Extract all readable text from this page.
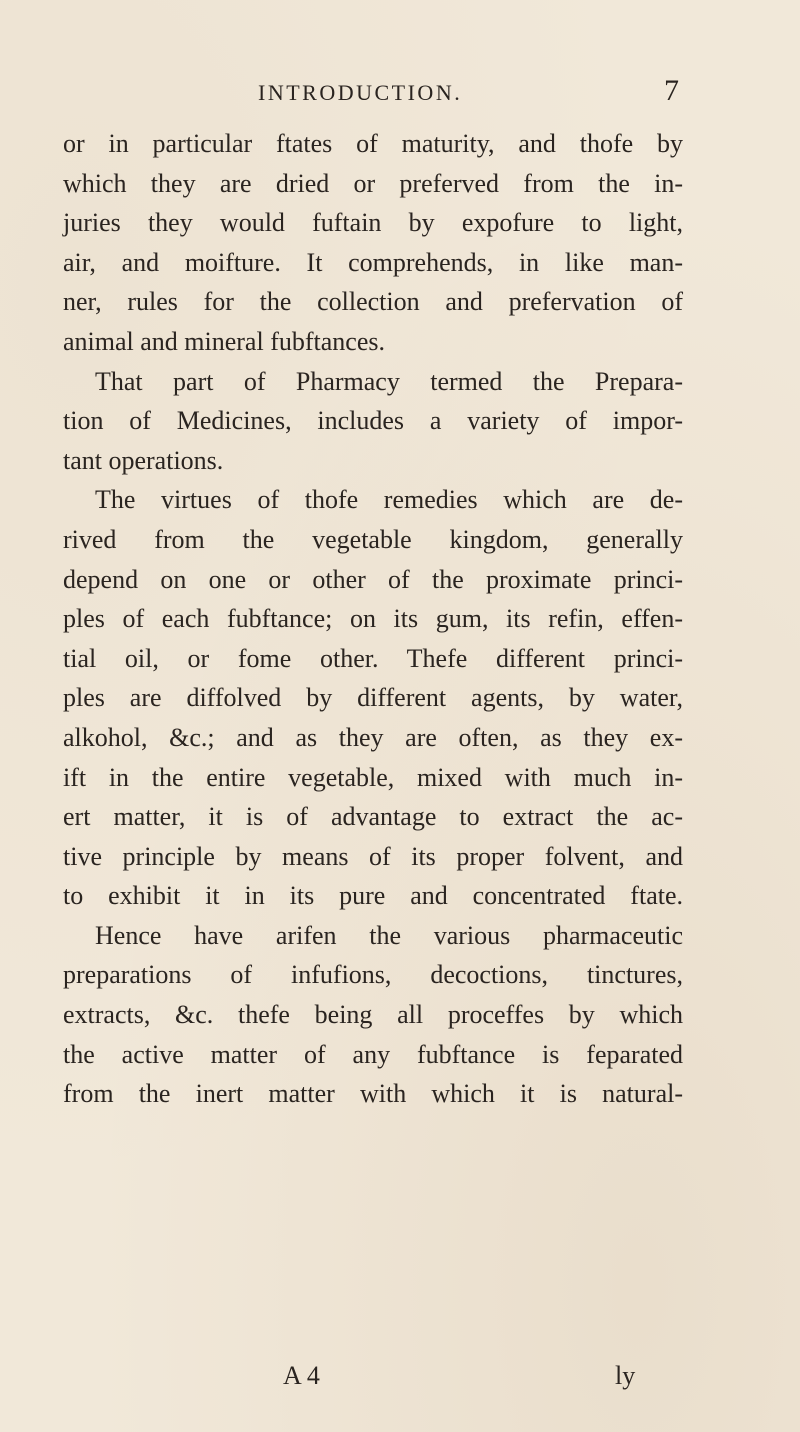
INTRODUCTION.	7
or in particular ftates of maturity, and thofe by
which they are dried or preferved from the in-
juries they would fuftain by expofure to light,
air, and moifture. It comprehends, in like man-
ner, rules for the collection and prefervation of
animal and mineral fubftances.
That part of Pharmacy termed the Prepara-
tion of Medicines, includes a variety of impor-
tant operations.
The virtues of thofe remedies which are de-
rived from the vegetable kingdom, generally
depend on one or other of the proximate princi-
ples of each fubftance; on its gum, its refin, effen-
tial oil, or fome other. Thefe different princi-
ples are diffolved by different agents, by water,
alkohol, &c.; and as they are often, as they ex-
ift in the entire vegetable, mixed with much in-
ert matter, it is of advantage to extract the ac-
tive principle by means of its proper folvent, and
to exhibit it in its pure and concentrated ftate.
Hence have arifen the various pharmaceutic
preparations of infufions, decoctions, tinctures,
extracts, &c. thefe being all proceffes by which
the active matter of any fubftance is feparated
from the inert matter with which it is natural-
A 4	ly
